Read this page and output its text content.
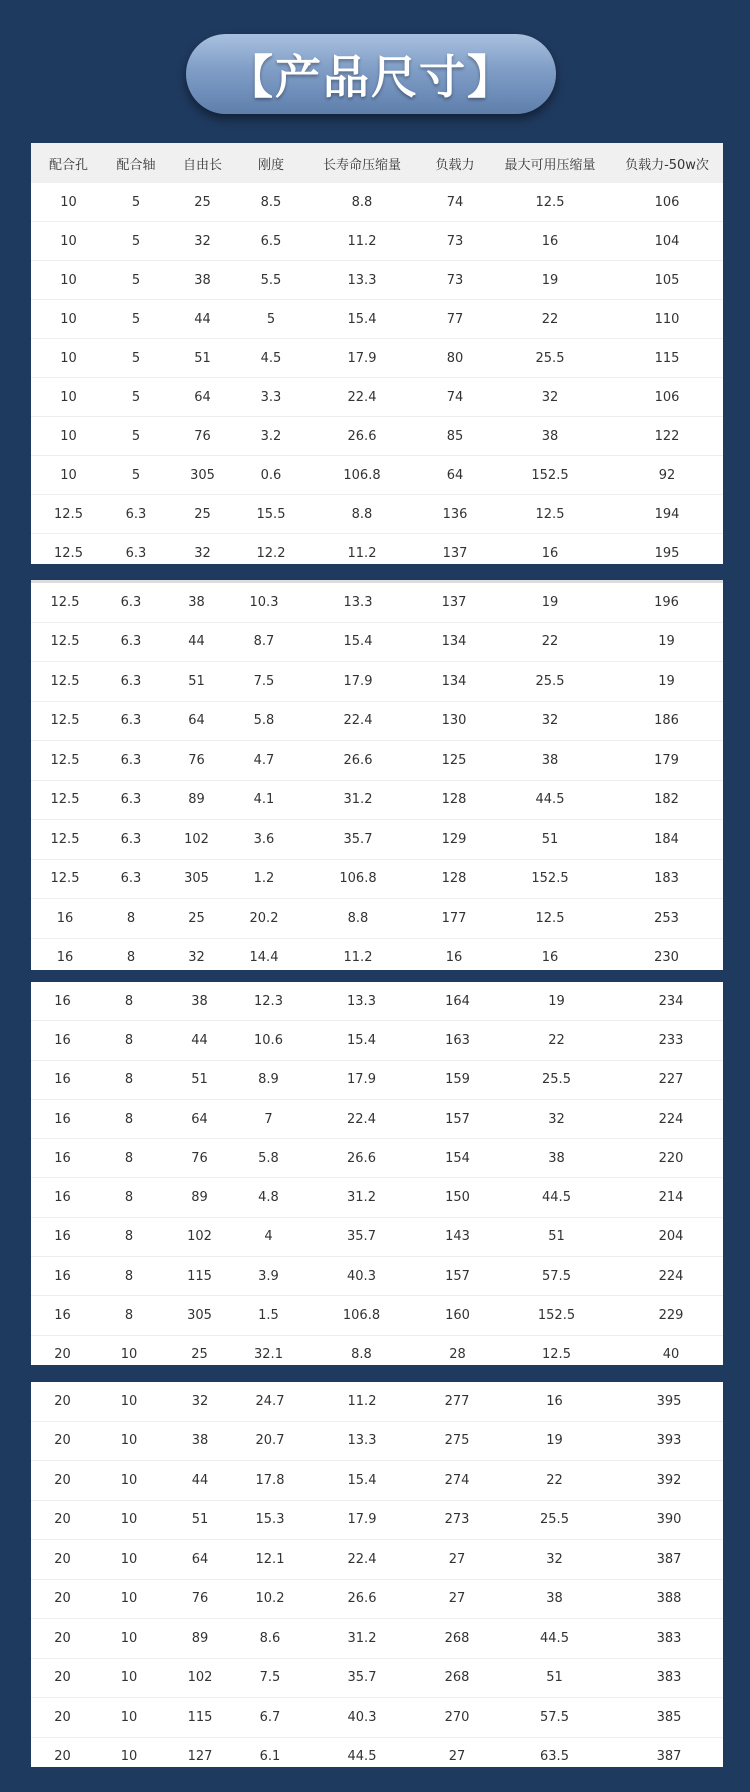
【产品尺寸】
配合孔	配合轴	自由长	刚度	长寿命压缩量	负载力	最大可用压缩量	负载力-50w次
10	5	25	8.5	8.8	74	12.5	106
10	5	32	6.5	11.2	73	16	104
10	5	38	5.5	13.3	73	19	105
10	5	44	5	15.4	77	22	110
10	5	51	4.5	17.9	80	25.5	115
10	5	64	3.3	22.4	74	32	106
10	5	76	3.2	26.6	85	38	122
10	5	305	0.6	106.8	64	152.5	92
12.5	6.3	25	15.5	8.8	136	12.5	194
12.5	6.3	32	12.2	11.2	137	16	195
12.5	6.3	38	10.3	13.3	137	19	196
12.5	6.3	44	8.7	15.4	134	22	19
12.5	6.3	51	7.5	17.9	134	25.5	19
12.5	6.3	64	5.8	22.4	130	32	186
12.5	6.3	76	4.7	26.6	125	38	179
12.5	6.3	89	4.1	31.2	128	44.5	182
12.5	6.3	102	3.6	35.7	129	51	184
12.5	6.3	305	1.2	106.8	128	152.5	183
16	8	25	20.2	8.8	177	12.5	253
16	8	32	14.4	11.2	16	16	230
16	8	38	12.3	13.3	164	19	234
16	8	44	10.6	15.4	163	22	233
16	8	51	8.9	17.9	159	25.5	227
16	8	64	7	22.4	157	32	224
16	8	76	5.8	26.6	154	38	220
16	8	89	4.8	31.2	150	44.5	214
16	8	102	4	35.7	143	51	204
16	8	115	3.9	40.3	157	57.5	224
16	8	305	1.5	106.8	160	152.5	229
20	10	25	32.1	8.8	28	12.5	40
20	10	32	24.7	11.2	277	16	395
20	10	38	20.7	13.3	275	19	393
20	10	44	17.8	15.4	274	22	392
20	10	51	15.3	17.9	273	25.5	390
20	10	64	12.1	22.4	27	32	387
20	10	76	10.2	26.6	27	38	388
20	10	89	8.6	31.2	268	44.5	383
20	10	102	7.5	35.7	268	51	383
20	10	115	6.7	40.3	270	57.5	385
20	10	127	6.1	44.5	27	63.5	387
